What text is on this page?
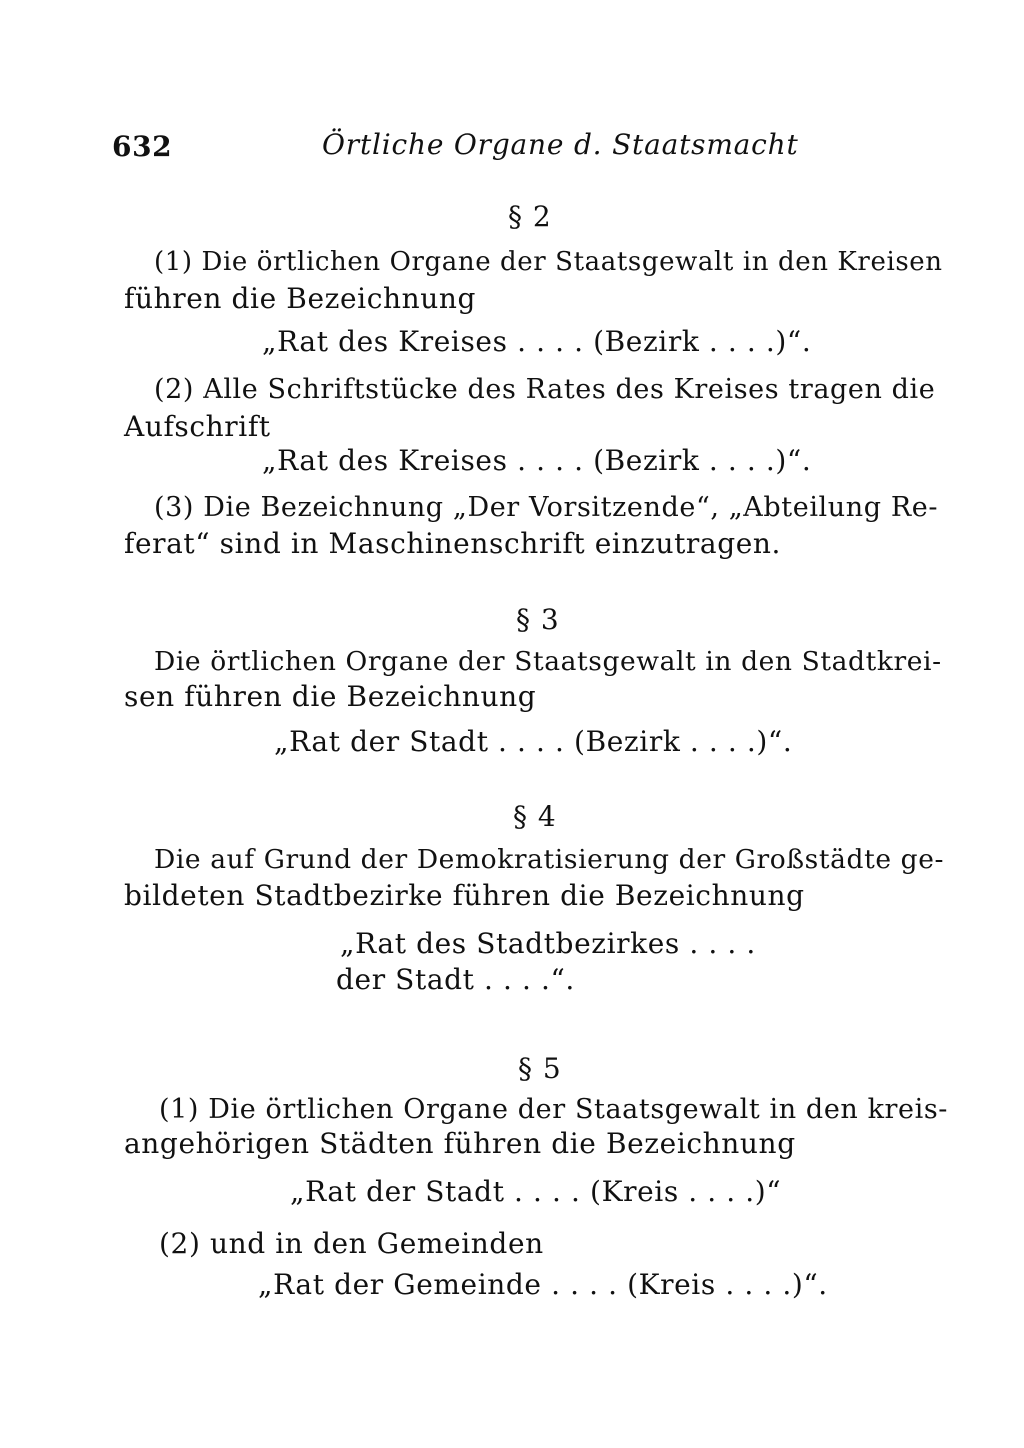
632	Örtliche Organe d. Staatsmacht
§ 2
(1) Die örtlichen Organe der Staatsgewalt in den Kreisen
führen die Bezeichnung
„Rat des Kreises . . . . (Bezirk . . . .)“.
(2) Alle Schriftstücke des Rates des Kreises tragen die
Aufschrift
„Rat des Kreises . . . . (Bezirk . . . .)“.
(3) Die Bezeichnung „Der Vorsitzende“, „Abteilung Re-
ferat“ sind in Maschinenschrift einzutragen.
§ 3
Die örtlichen Organe der Staatsgewalt in den Stadtkrei-
sen führen die Bezeichnung
„Rat der Stadt . . . . (Bezirk . . . .)“.
§ 4
Die auf Grund der Demokratisierung der Großstädte ge-
bildeten Stadtbezirke führen die Bezeichnung
„Rat des Stadtbezirkes . . . .
der Stadt . . . .“.
§ 5
(1) Die örtlichen Organe der Staatsgewalt in den kreis-
angehörigen Städten führen die Bezeichnung
„Rat der Stadt . . . . (Kreis . . . .)“
(2) und in den Gemeinden
„Rat der Gemeinde . . . . (Kreis . . . .)“.
